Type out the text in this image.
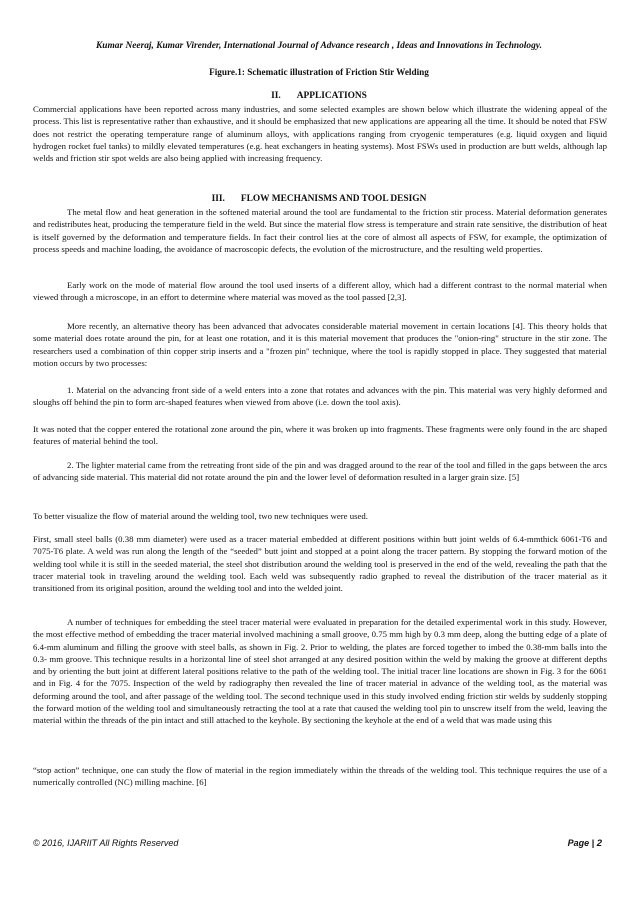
Kumar Neeraj, Kumar Virender, International Journal of Advance research , Ideas and Innovations in Technology.
Figure.1: Schematic illustration of Friction Stir Welding
II. APPLICATIONS

Commercial applications have been reported across many industries, and some selected examples are shown below which illustrate the widening appeal of the process. This list is representative rather than exhaustive, and it should be emphasized that new applications are appearing all the time. It should be noted that FSW does not restrict the operating temperature range of aluminum alloys, with applications ranging from cryogenic temperatures (e.g. liquid oxygen and liquid hydrogen rocket fuel tanks) to mildly elevated temperatures (e.g. heat exchangers in heating systems). Most FSWs used in production are butt welds, although lap welds and friction stir spot welds are also being applied with increasing frequency.

III. FLOW MECHANISMS AND TOOL DESIGN

The metal flow and heat generation in the softened material around the tool are fundamental to the friction stir process. Material deformation generates and redistributes heat, producing the temperature field in the weld. But since the material flow stress is temperature and strain rate sensitive, the distribution of heat is itself governed by the deformation and temperature fields. In fact their control lies at the core of almost all aspects of FSW, for example, the optimization of process speeds and machine loading, the avoidance of macroscopic defects, the evolution of the microstructure, and the resulting weld properties.

Early work on the mode of material flow around the tool used inserts of a different alloy, which had a different contrast to the normal material when viewed through a microscope, in an effort to determine where material was moved as the tool passed [2,3].

More recently, an alternative theory has been advanced that advocates considerable material movement in certain locations [4]. This theory holds that some material does rotate around the pin, for at least one rotation, and it is this material movement that produces the "onion-ring" structure in the stir zone. The researchers used a combination of thin copper strip inserts and a "frozen pin" technique, where the tool is rapidly stopped in place. They suggested that material motion occurs by two processes:

1. Material on the advancing front side of a weld enters into a zone that rotates and advances with the pin. This material was very highly deformed and sloughs off behind the pin to form arc-shaped features when viewed from above (i.e. down the tool axis).

It was noted that the copper entered the rotational zone around the pin, where it was broken up into fragments. These fragments were only found in the arc shaped features of material behind the tool.

2. The lighter material came from the retreating front side of the pin and was dragged around to the rear of the tool and filled in the gaps between the arcs of advancing side material. This material did not rotate around the pin and the lower level of deformation resulted in a larger grain size. [5]

To better visualize the flow of material around the welding tool, two new techniques were used.

First, small steel balls (0.38 mm diameter) were used as a tracer material embedded at different positions within butt joint welds of 6.4-mmthick 6061-T6 and 7075-T6 plate. A weld was run along the length of the “seeded” butt joint and stopped at a point along the tracer pattern. By stopping the forward motion of the welding tool while it is still in the seeded material, the steel shot distribution around the welding tool is preserved in the end of the weld, revealing the path that the tracer material took in traveling around the welding tool. Each weld was subsequently radio graphed to reveal the distribution of the tracer material as it transitioned from its original position, around the welding tool and into the welded joint.

A number of techniques for embedding the steel tracer material were evaluated in preparation for the detailed experimental work in this study. However, the most effective method of embedding the tracer material involved machining a small groove, 0.75 mm high by 0.3 mm deep, along the butting edge of a plate of 6.4-mm aluminum and filling the groove with steel balls, as shown in Fig. 2. Prior to welding, the plates are forced together to imbed the 0.38-mm balls into the 0.3- mm groove. This technique results in a horizontal line of steel shot arranged at any desired position within the weld by making the groove at different depths and by orienting the butt joint at different lateral positions relative to the path of the welding tool. The initial tracer line locations are shown in Fig. 3 for the 6061 and in Fig. 4 for the 7075. Inspection of the weld by radiography then revealed the line of tracer material in advance of the welding tool, as the material was deforming around the tool, and after passage of the welding tool. The second technique used in this study involved ending friction stir welds by suddenly stopping the forward motion of the welding tool and simultaneously retracting the tool at a rate that caused the welding tool pin to unscrew itself from the weld, leaving the material within the threads of the pin intact and still attached to the keyhole. By sectioning the keyhole at the end of a weld that was made using this

“stop action” technique, one can study the flow of material in the region immediately within the threads of the welding tool. This technique requires the use of a numerically controlled (NC) milling machine. [6]

© 2016, IJARIIT All Rights Reserved	Page | 2
